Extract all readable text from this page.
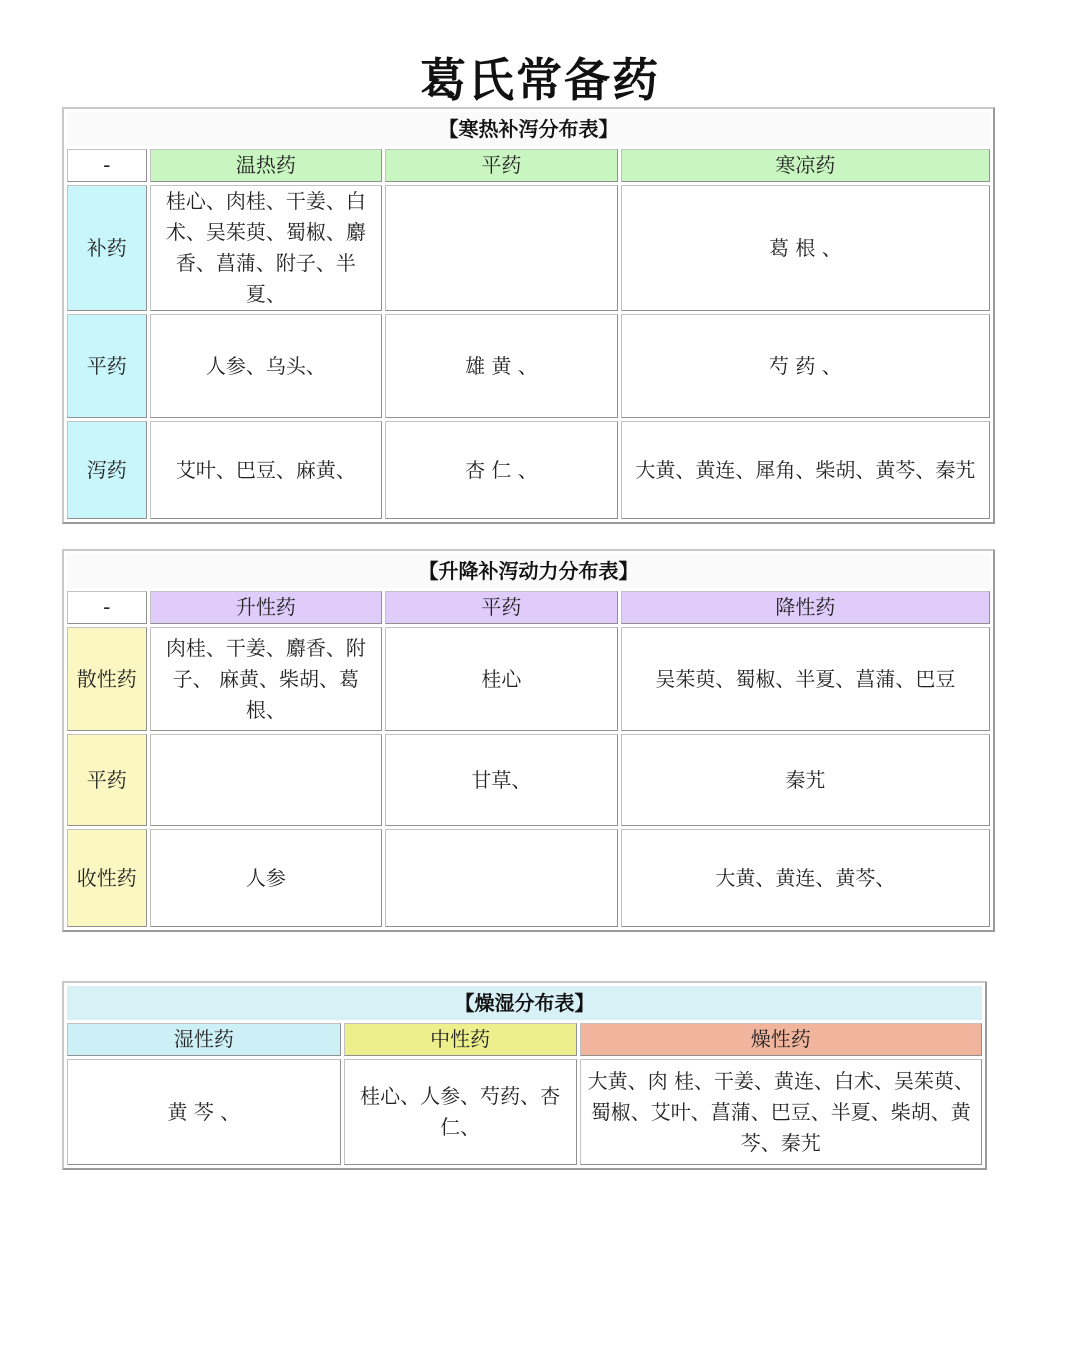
葛氏常备药
【寒热补泻分布表】			
-	温热药	平药	寒凉药
补药	桂心、肉桂、干姜、白术、吴茱萸、蜀椒、麝香、菖蒲、附子、半夏、		葛 根 、
平药	人参、乌头、	雄 黄 、	芍 药 、
泻药	艾叶、巴豆、麻黄、	杏 仁 、	大黄、黄连、犀角、柴胡、黄芩、秦艽
【升降补泻动力分布表】			
-	升性药	平药	降性药
散性药	肉桂、干姜、麝香、附子、 麻黄、柴胡、葛根、	桂心	吴茱萸、蜀椒、半夏、菖蒲、巴豆
平药		甘草、	秦艽
收性药	人参		大黄、黄连、黄芩、
【燥湿分布表】		
湿性药	中性药	燥性药
黄 芩 、	桂心、人参、芍药、杏仁、	大黄、肉 桂、干姜、黄连、白术、吴茱萸、蜀椒、艾叶、菖蒲、巴豆、半夏、柴胡、黄芩、秦艽
